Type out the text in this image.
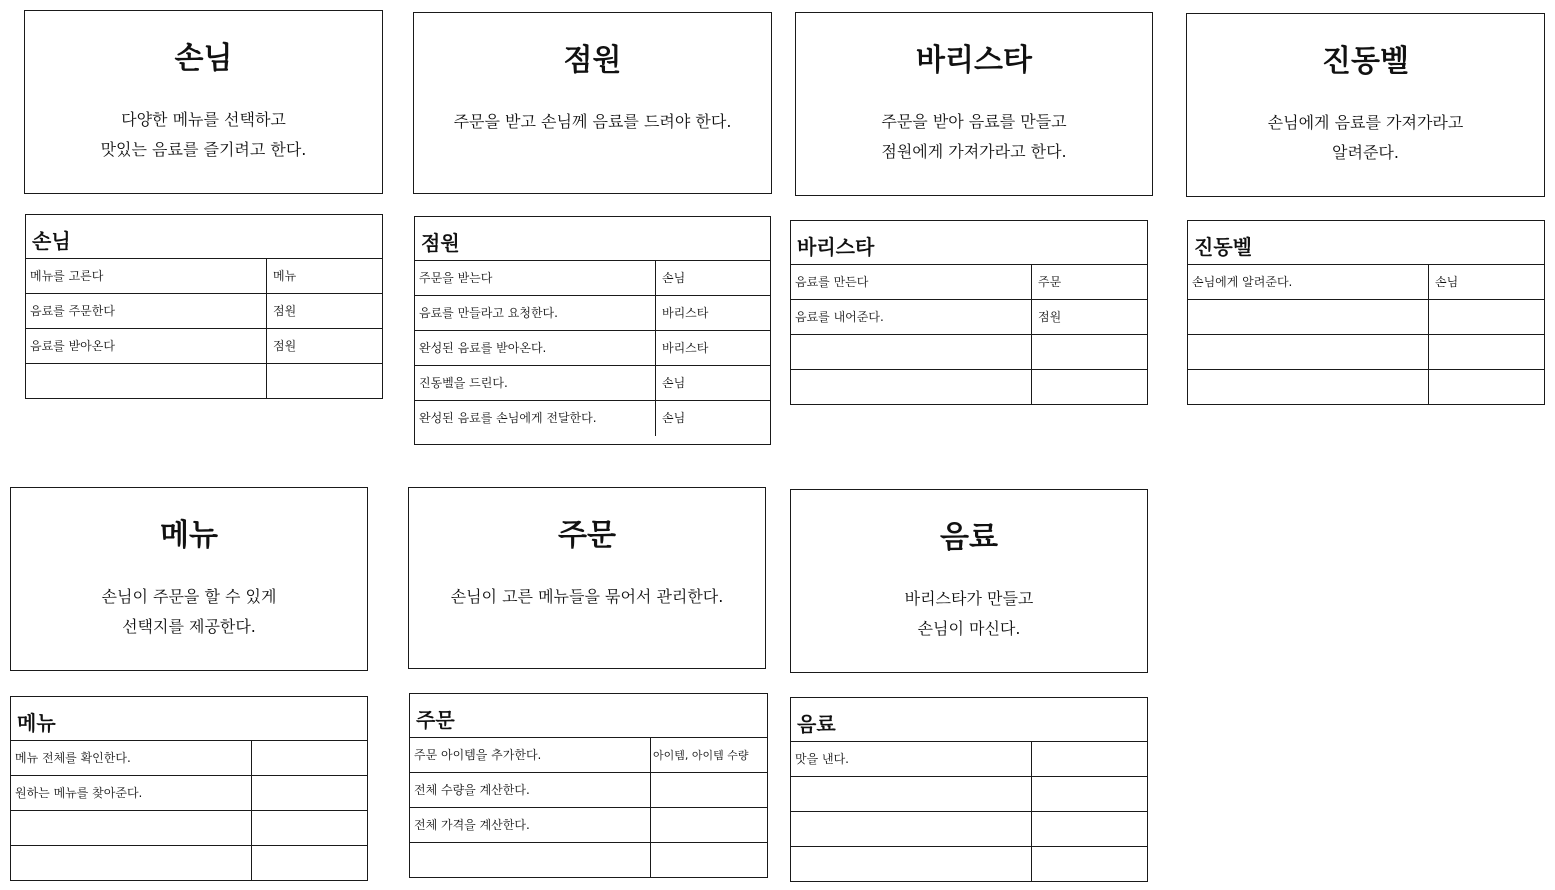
손님
다양한 메뉴를 선택하고
맛있는 음료를 즐기려고 한다.
점원
주문을 받고 손님께 음료를 드려야 한다.
바리스타
주문을 받아 음료를 만들고
점원에게 가져가라고 한다.
진동벨
손님에게 음료를 가져가라고
알려준다.
손님
메뉴를 고른다	메뉴
음료를 주문한다	점원
음료를 받아온다	점원
점원
주문을 받는다	손님
음료를 만들라고 요청한다.	바리스타
완성된 음료를 받아온다.	바리스타
진동벨을 드린다.	손님
완성된 음료를 손님에게 전달한다.	손님
바리스타
음료를 만든다	주문
음료를 내어준다.	점원
진동벨
손님에게 알려준다.	손님
메뉴
손님이 주문을 할 수 있게
선택지를 제공한다.
주문
손님이 고른 메뉴들을 묶어서 관리한다.
음료
바리스타가 만들고
손님이 마신다.
메뉴
메뉴 전체를 확인한다.
원하는 메뉴를 찾아준다.
주문
주문 아이템을 추가한다.	아이템, 아이템 수량
전체 수량을 계산한다.
전체 가격을 계산한다.
음료
맛을 낸다.
